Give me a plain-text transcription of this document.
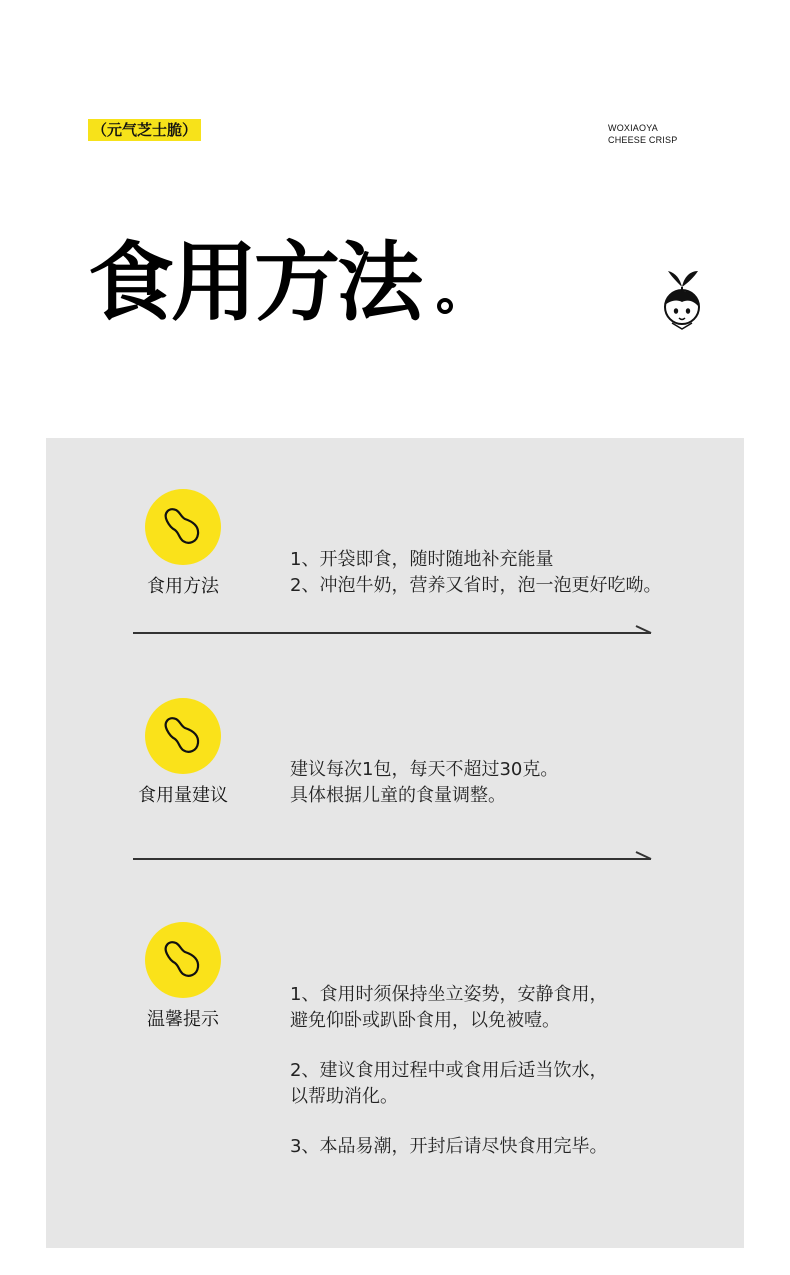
（元气芝士脆）	WOXIAOYA
CHEESE CRISP
食用方法
食用方法

1、开袋即食，随时随地补充能量

2、冲泡牛奶，营养又省时，泡一泡更好吃呦。

食用量建议

建议每次1包，每天不超过30克。

具体根据儿童的食量调整。

温馨提示

1、食用时须保持坐立姿势，安静食用，

避免仰卧或趴卧食用，以免被噎。

2、建议食用过程中或食用后适当饮水，

以帮助消化。

3、本品易潮，开封后请尽快食用完毕。
